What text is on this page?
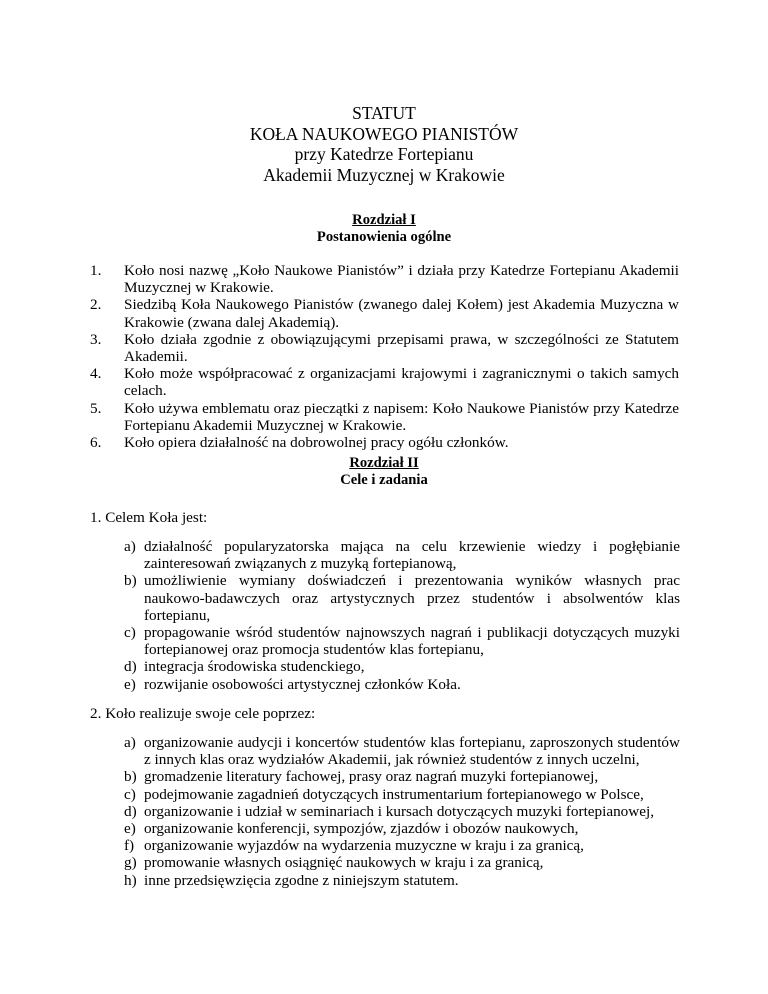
STATUT
KOŁA NAUKOWEGO PIANISTÓW
przy Katedrze Fortepianu
Akademii Muzycznej w Krakowie
Rozdział I
Postanowienia ogólne
1. Koło nosi nazwę „Koło Naukowe Pianistów” i działa przy Katedrze Fortepianu Akademii Muzycznej w Krakowie.
2. Siedzibą Koła Naukowego Pianistów (zwanego dalej Kołem) jest Akademia Muzyczna w Krakowie (zwana dalej Akademią).
3. Koło działa zgodnie z obowiązującymi przepisami prawa, w szczególności ze Statutem Akademii.
4. Koło może współpracować z organizacjami krajowymi i zagranicznymi o takich samych celach.
5. Koło używa emblematu oraz pieczątki z napisem: Koło Naukowe Pianistów przy Katedrze Fortepianu Akademii Muzycznej w Krakowie.
6. Koło opiera działalność na dobrowolnej pracy ogółu członków.
Rozdział II
Cele i zadania
1. Celem Koła jest:
a) działalność popularyzatorska mająca na celu krzewienie wiedzy i pogłębianie zainteresowań związanych z muzyką fortepianową,
b) umożliwienie wymiany doświadczeń i prezentowania wyników własnych prac naukowo-badawczych oraz artystycznych przez studentów i absolwentów klas fortepianu,
c) propagowanie wśród studentów najnowszych nagrań i publikacji dotyczących muzyki fortepianowej oraz promocja studentów klas fortepianu,
d) integracja środowiska studenckiego,
e) rozwijanie osobowości artystycznej członków Koła.
2. Koło realizuje swoje cele poprzez:
a) organizowanie audycji i koncertów studentów klas fortepianu, zaproszonych studentów z innych klas oraz wydziałów Akademii, jak również studentów z innych uczelni,
b) gromadzenie literatury fachowej, prasy oraz nagrań muzyki fortepianowej,
c) podejmowanie zagadnień dotyczących instrumentarium fortepianowego w Polsce,
d) organizowanie i udział w seminariach i kursach dotyczących muzyki fortepianowej,
e) organizowanie konferencji, sympozjów, zjazdów i obozów naukowych,
f) organizowanie wyjazdów na wydarzenia muzyczne w kraju i za granicą,
g) promowanie własnych osiągnięć naukowych w kraju i za granicą,
h) inne przedsięwzięcia zgodne z niniejszym statutem.
